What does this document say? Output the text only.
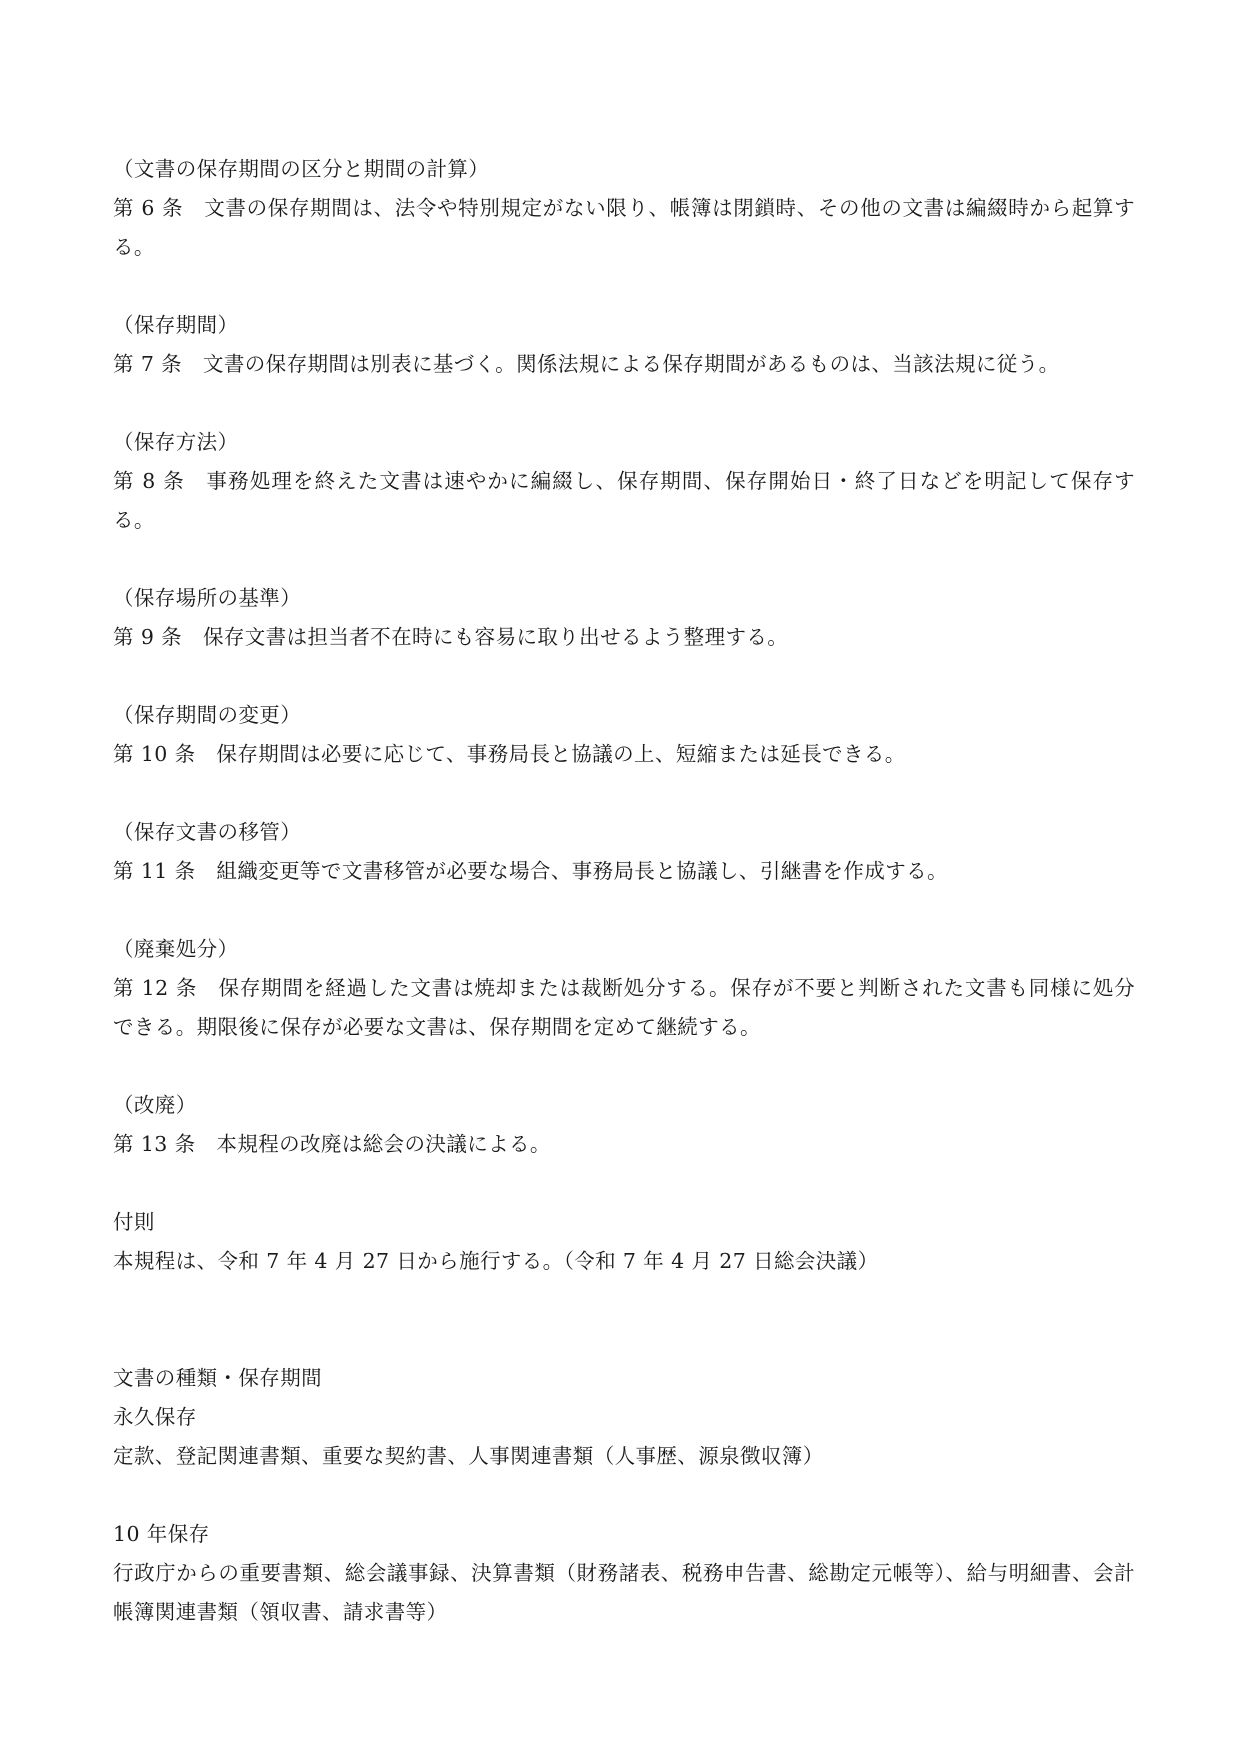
（文書の保存期間の区分と期間の計算）
第 6 条　文書の保存期間は、法令や特別規定がない限り、帳簿は閉鎖時、その他の文書は編綴時から起算する。
（保存期間）
第 7 条　文書の保存期間は別表に基づく。関係法規による保存期間があるものは、当該法規に従う。
（保存方法）
第 8 条　事務処理を終えた文書は速やかに編綴し、保存期間、保存開始日・終了日などを明記して保存する。
（保存場所の基準）
第 9 条　保存文書は担当者不在時にも容易に取り出せるよう整理する。
（保存期間の変更）
第 10 条　保存期間は必要に応じて、事務局長と協議の上、短縮または延長できる。
（保存文書の移管）
第 11 条　組織変更等で文書移管が必要な場合、事務局長と協議し、引継書を作成する。
（廃棄処分）
第 12 条　保存期間を経過した文書は焼却または裁断処分する。保存が不要と判断された文書も同様に処分できる。期限後に保存が必要な文書は、保存期間を定めて継続する。
（改廃）
第 13 条　本規程の改廃は総会の決議による。
付則
本規程は、令和 7 年 4 月 27 日から施行する。（令和 7 年 4 月 27 日総会決議）
文書の種類・保存期間
永久保存
定款、登記関連書類、重要な契約書、人事関連書類（人事歴、源泉徴収簿）
10 年保存
行政庁からの重要書類、総会議事録、決算書類（財務諸表、税務申告書、総勘定元帳等）、給与明細書、会計帳簿関連書類（領収書、請求書等）
